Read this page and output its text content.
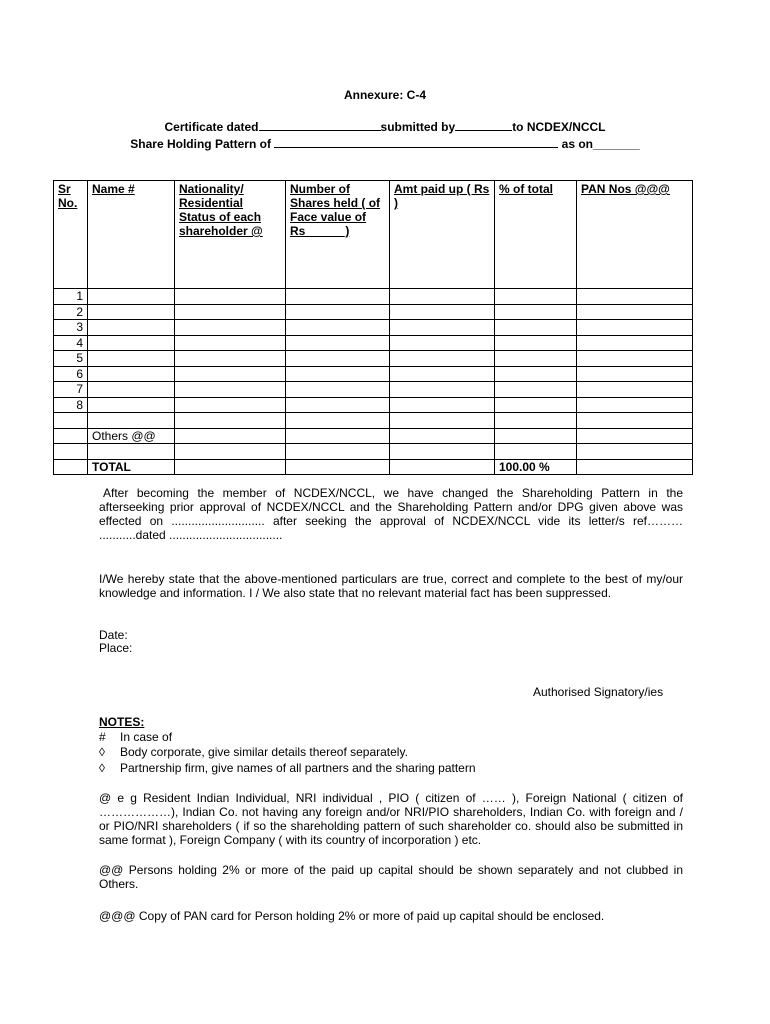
Annexure: C-4
Certificate dated	submitted by	to NCDEX/NCCL
Share Holding Pattern of	as on_______
Sr No.	Name #	Nationality/ Residential Status of each shareholder @	Number of Shares held ( of Face value of Rs______)	Amt paid up ( Rs )	% of total	PAN Nos @@@
1						
2						
3						
4						
5						
6						
7						
8						

	Others @@					

	TOTAL				100.00 %	
After becoming the member of NCDEX/NCCL, we have changed the Shareholding Pattern in the afterseeking prior approval of NCDEX/NCCL and the Shareholding Pattern and/or DPG given above was effected on ............................ after seeking the approval of NCDEX/NCCL vide its letter/s ref……… ...........dated ..................................
I/We hereby state that the above-mentioned particulars are true, correct and complete to the best of my/our knowledge and information. I / We also state that no relevant material fact has been suppressed.
Date:
Place:
Authorised Signatory/ies
NOTES:
# In case of
◊ Body corporate, give similar details thereof separately.
◊ Partnership firm, give names of all partners and the sharing pattern
@ e g Resident Indian Individual, NRI individual , PIO ( citizen of …… ), Foreign National ( citizen of ………………), Indian Co. not having any foreign and/or NRI/PIO shareholders, Indian Co. with foreign and / or PIO/NRI shareholders ( if so the shareholding pattern of such shareholder co. should also be submitted in same format ), Foreign Company ( with its country of incorporation ) etc.
@@ Persons holding 2% or more of the paid up capital should be shown separately and not clubbed in Others.
@@@ Copy of PAN card for Person holding 2% or more of paid up capital should be enclosed.
